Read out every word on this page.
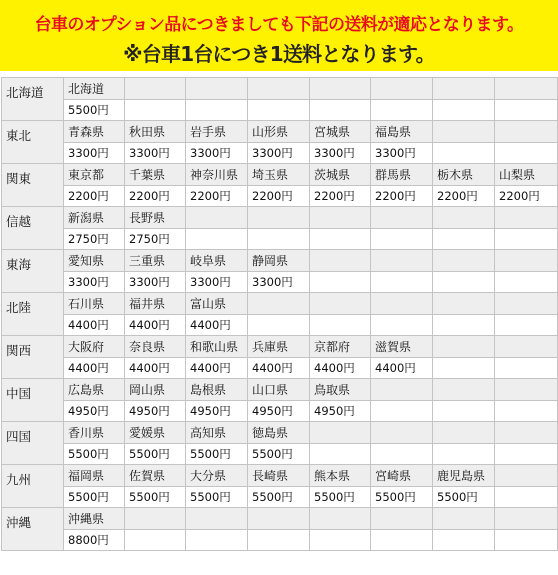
台車のオプション品につきましても下記の送料が適応となります。
※台車1台につき1送料となります。
北海道	北海道							
	5500円							
東北	青森県	秋田県	岩手県	山形県	宮城県	福島県		
	3300円	3300円	3300円	3300円	3300円	3300円		
関東	東京都	千葉県	神奈川県	埼玉県	茨城県	群馬県	栃木県	山梨県
	2200円	2200円	2200円	2200円	2200円	2200円	2200円	2200円
信越	新潟県	長野県						
	2750円	2750円						
東海	愛知県	三重県	岐阜県	静岡県				
	3300円	3300円	3300円	3300円				
北陸	石川県	福井県	富山県					
	4400円	4400円	4400円					
関西	大阪府	奈良県	和歌山県	兵庫県	京都府	滋賀県		
	4400円	4400円	4400円	4400円	4400円	4400円		
中国	広島県	岡山県	島根県	山口県	鳥取県			
	4950円	4950円	4950円	4950円	4950円			
四国	香川県	愛媛県	高知県	徳島県				
	5500円	5500円	5500円	5500円				
九州	福岡県	佐賀県	大分県	長崎県	熊本県	宮崎県	鹿児島県	
	5500円	5500円	5500円	5500円	5500円	5500円	5500円	
沖縄	沖縄県							
	8800円							
